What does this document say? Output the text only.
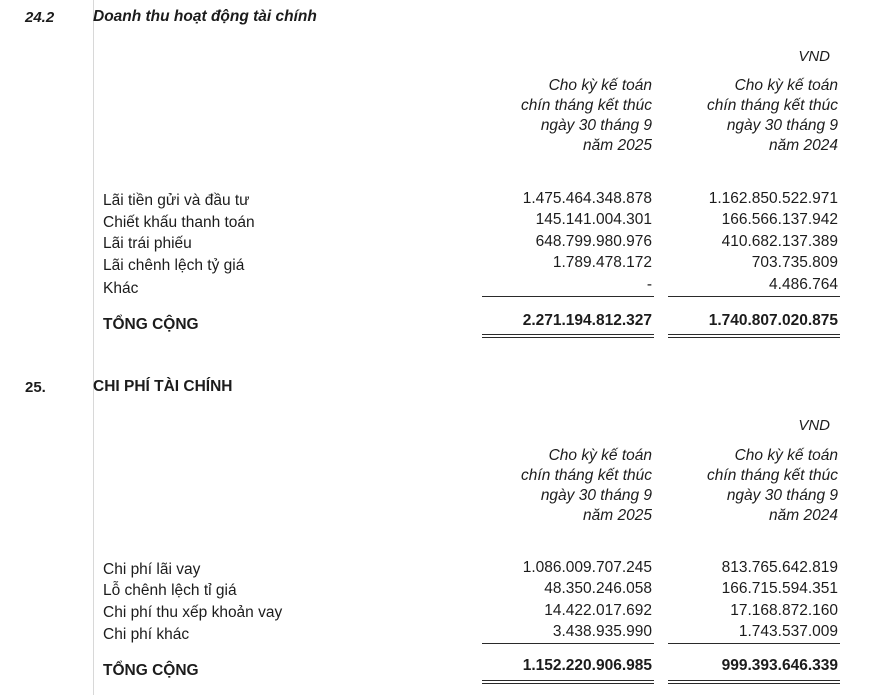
24.2	Doanh thu hoạt động tài chính
VND
Cho kỳ kế toán
chín tháng kết thúc
ngày 30 tháng 9
năm 2025
Cho kỳ kế toán
chín tháng kết thúc
ngày 30 tháng 9
năm 2024
Lãi tiền gửi và đầu tư	1.475.464.348.878	1.162.850.522.971
Chiết khấu thanh toán	145.141.004.301	166.566.137.942
Lãi trái phiếu	648.799.980.976	410.682.137.389
Lãi chênh lệch tỷ giá	1.789.478.172	703.735.809
Khác	-	4.486.764
TỔNG CỘNG	2.271.194.812.327	1.740.807.020.875
25.	CHI PHÍ TÀI CHÍNH
VND
Cho kỳ kế toán
chín tháng kết thúc
ngày 30 tháng 9
năm 2025
Cho kỳ kế toán
chín tháng kết thúc
ngày 30 tháng 9
năm 2024
Chi phí lãi vay	1.086.009.707.245	813.765.642.819
Lỗ chênh lệch tỉ giá	48.350.246.058	166.715.594.351
Chi phí thu xếp khoản vay	14.422.017.692	17.168.872.160
Chi phí khác	3.438.935.990	1.743.537.009
TỔNG CỘNG	1.152.220.906.985	999.393.646.339
